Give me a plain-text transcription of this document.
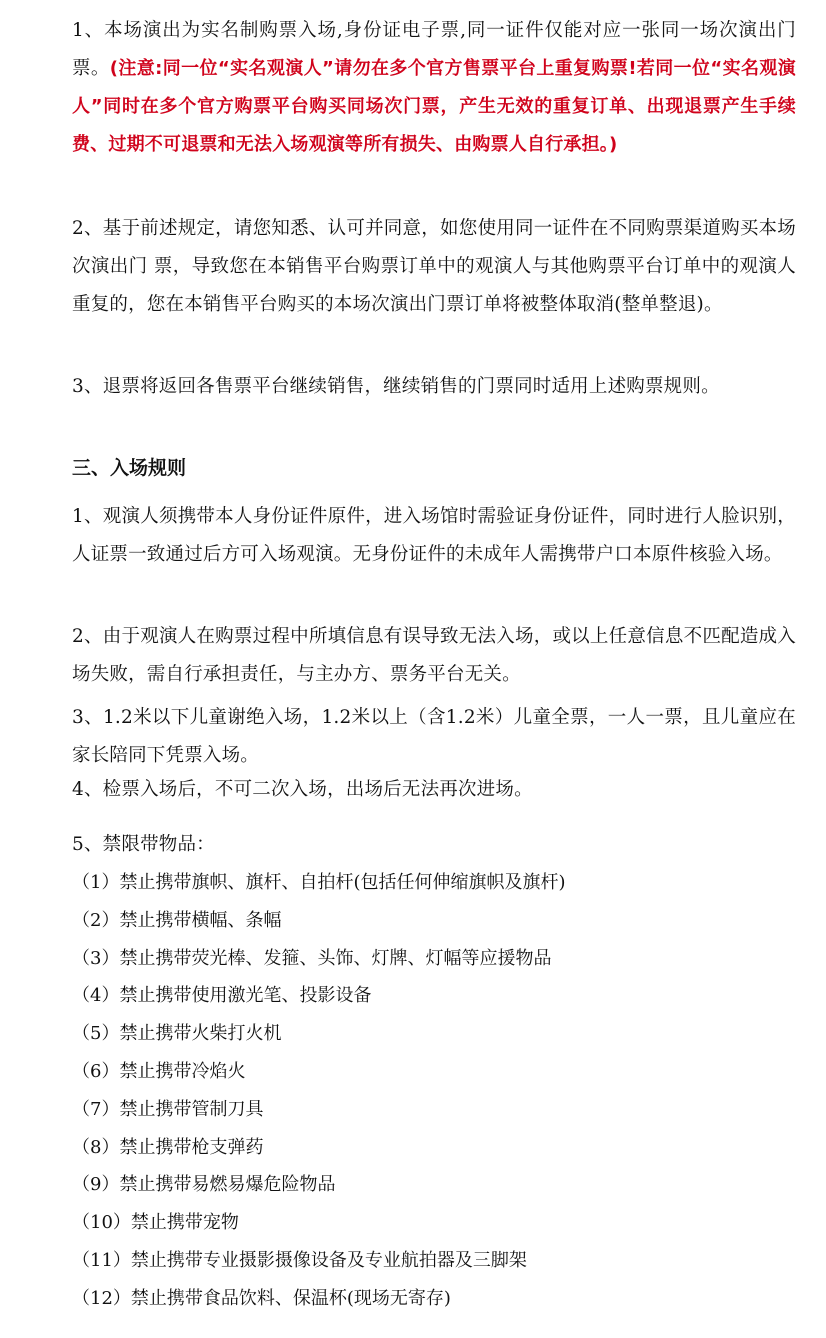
1、本场演出为实名制购票入场,身份证电子票,同一证件仅能对应一张同一场次演出门票。(注意:同一位“实名观演人”请勿在多个官方售票平台上重复购票!若同一位“实名观演人”同时在多个官方购票平台购买同场次门票，产生无效的重复订单、出现退票产生手续费、过期不可退票和无法入场观演等所有损失、由购票人自行承担。)

2、基于前述规定，请您知悉、认可并同意，如您使用同一证件在不同购票渠道购买本场次演出门 票，导致您在本销售平台购票订单中的观演人与其他购票平台订单中的观演人重复的，您在本销售平台购买的本场次演出门票订单将被整体取消(整单整退)。

3、退票将返回各售票平台继续销售，继续销售的门票同时适用上述购票规则。

三、入场规则

1、观演人须携带本人身份证件原件，进入场馆时需验证身份证件，同时进行人脸识别，人证票一致通过后方可入场观演。无身份证件的未成年人需携带户口本原件核验入场。

2、由于观演人在购票过程中所填信息有误导致无法入场，或以上任意信息不匹配造成入场失败，需自行承担责任，与主办方、票务平台无关。

3、1.2米以下儿童谢绝入场，1.2米以上（含1.2米）儿童全票，一人一票，且儿童应在家长陪同下凭票入场。

4、检票入场后，不可二次入场，出场后无法再次进场。

5、禁限带物品：

（1）禁止携带旗帜、旗杆、自拍杆(包括任何伸缩旗帜及旗杆)
（2）禁止携带横幅、条幅
（3）禁止携带荧光棒、发箍、头饰、灯牌、灯幅等应援物品
（4）禁止携带使用激光笔、投影设备
（5）禁止携带火柴打火机
（6）禁止携带冷焰火
（7）禁止携带管制刀具
（8）禁止携带枪支弹药
（9）禁止携带易燃易爆危险物品
（10）禁止携带宠物
（11）禁止携带专业摄影摄像设备及专业航拍器及三脚架
（12）禁止携带食品饮料、保温杯(现场无寄存)
